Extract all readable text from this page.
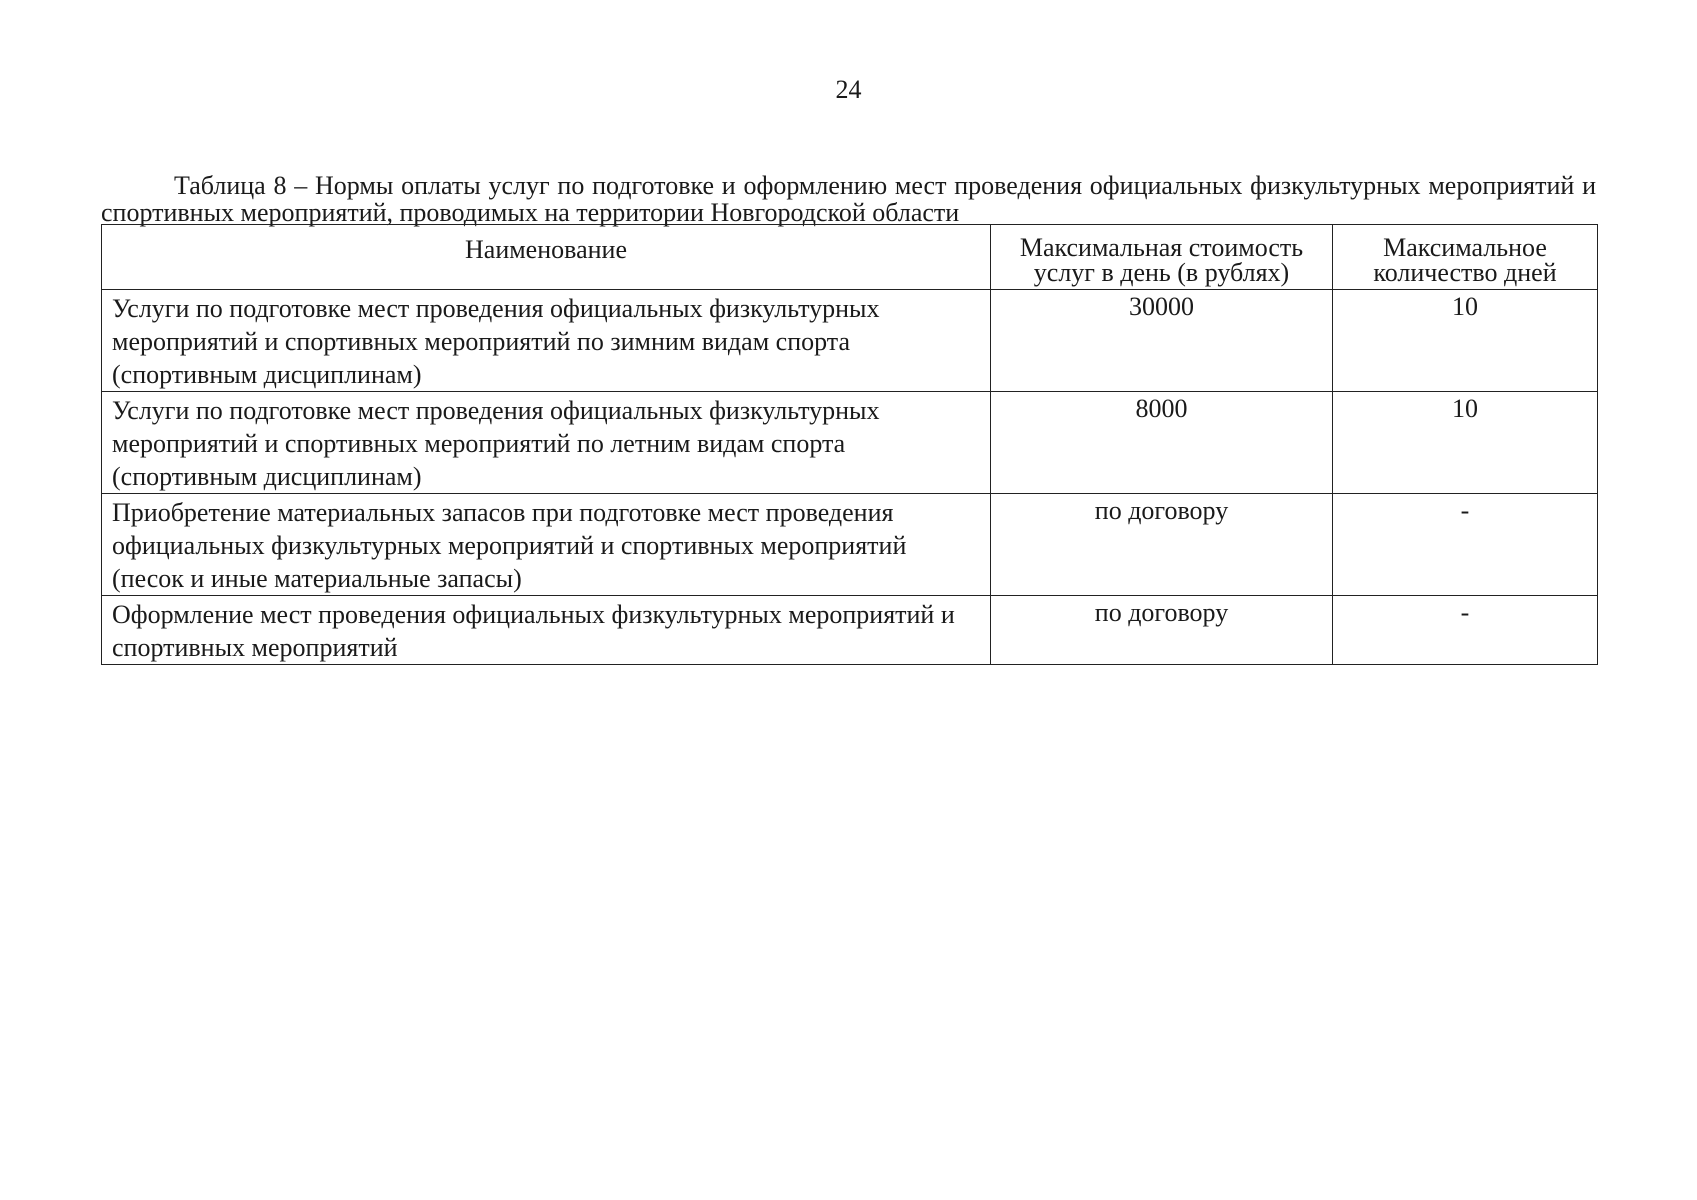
24
Таблица 8 – Нормы оплаты услуг по подготовке и оформлению мест проведения официальных физкультурных мероприятий и спортивных мероприятий, проводимых на территории Новгородской области
Наименование	Максимальная стоимость услуг в день (в рублях)	Максимальное количество дней
Услуги по подготовке мест проведения официальных физкультурных мероприятий и спортивных мероприятий по зимним видам спорта (спортивным дисциплинам)	30000	10
Услуги по подготовке мест проведения официальных физкультурных мероприятий и спортивных мероприятий по летним видам спорта (спортивным дисциплинам)	8000	10
Приобретение материальных запасов при подготовке мест проведения официальных физкультурных мероприятий и спортивных мероприятий (песок и иные материальные запасы)	по договору	-
Оформление мест проведения официальных физкультурных мероприятий и спортивных мероприятий	по договору	-
